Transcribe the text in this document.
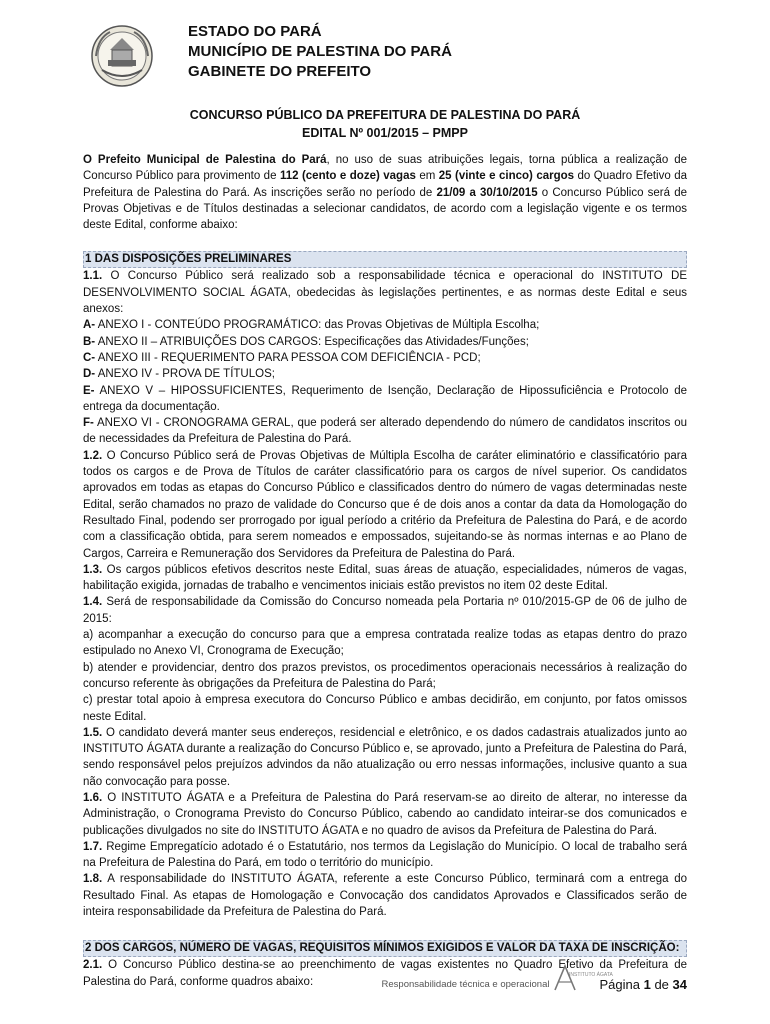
ESTADO DO PARÁ
MUNICÍPIO DE PALESTINA DO PARÁ
GABINETE DO PREFEITO
CONCURSO PÚBLICO DA PREFEITURA DE PALESTINA DO PARÁ
EDITAL Nº 001/2015 – PMPP

O Prefeito Municipal de Palestina do Pará, no uso de suas atribuições legais, torna pública a realização de Concurso Público para provimento de 112 (cento e doze) vagas em 25 (vinte e cinco) cargos do Quadro Efetivo da Prefeitura de Palestina do Pará. As inscrições serão no período de 21/09 a 30/10/2015 o Concurso Público será de Provas Objetivas e de Títulos destinadas a selecionar candidatos, de acordo com a legislação vigente e os termos deste Edital, conforme abaixo:

1 DAS DISPOSIÇÕES PRELIMINARES

1.1. O Concurso Público será realizado sob a responsabilidade técnica e operacional do INSTITUTO DE DESENVOLVIMENTO SOCIAL ÁGATA, obedecidas às legislações pertinentes, e as normas deste Edital e seus anexos:

A- ANEXO I - CONTEÚDO PROGRAMÁTICO: das Provas Objetivas de Múltipla Escolha;

B- ANEXO II – ATRIBUIÇÕES DOS CARGOS: Especificações das Atividades/Funções;

C- ANEXO III - REQUERIMENTO PARA PESSOA COM DEFICIÊNCIA - PCD;

D- ANEXO IV - PROVA DE TÍTULOS;

E- ANEXO V – HIPOSSUFICIENTES, Requerimento de Isenção, Declaração de Hipossuficiência e Protocolo de entrega da documentação.

F- ANEXO VI - CRONOGRAMA GERAL, que poderá ser alterado dependendo do número de candidatos inscritos ou de necessidades da Prefeitura de Palestina do Pará.

1.2. O Concurso Público será de Provas Objetivas de Múltipla Escolha de caráter eliminatório e classificatório para todos os cargos e de Prova de Títulos de caráter classificatório para os cargos de nível superior. Os candidatos aprovados em todas as etapas do Concurso Público e classificados dentro do número de vagas determinadas neste Edital, serão chamados no prazo de validade do Concurso que é de dois anos a contar da data da Homologação do Resultado Final, podendo ser prorrogado por igual período a critério da Prefeitura de Palestina do Pará, e de acordo com a classificação obtida, para serem nomeados e empossados, sujeitando-se às normas internas e ao Plano de Cargos, Carreira e Remuneração dos Servidores da Prefeitura de Palestina do Pará.

1.3. Os cargos públicos efetivos descritos neste Edital, suas áreas de atuação, especialidades, números de vagas, habilitação exigida, jornadas de trabalho e vencimentos iniciais estão previstos no item 02 deste Edital.

1.4. Será de responsabilidade da Comissão do Concurso nomeada pela Portaria nº 010/2015-GP de 06 de julho de 2015:

a) acompanhar a execução do concurso para que a empresa contratada realize todas as etapas dentro do prazo estipulado no Anexo VI, Cronograma de Execução;

b) atender e providenciar, dentro dos prazos previstos, os procedimentos operacionais necessários à realização do concurso referente às obrigações da Prefeitura de Palestina do Pará;

c) prestar total apoio à empresa executora do Concurso Público e ambas decidirão, em conjunto, por fatos omissos neste Edital.

1.5. O candidato deverá manter seus endereços, residencial e eletrônico, e os dados cadastrais atualizados junto ao INSTITUTO ÁGATA durante a realização do Concurso Público e, se aprovado, junto a Prefeitura de Palestina do Pará, sendo responsável pelos prejuízos advindos da não atualização ou erro nessas informações, inclusive quanto a sua não convocação para posse.

1.6. O INSTITUTO ÁGATA e a Prefeitura de Palestina do Pará reservam-se ao direito de alterar, no interesse da Administração, o Cronograma Previsto do Concurso Público, cabendo ao candidato inteirar-se dos comunicados e publicações divulgados no site do INSTITUTO ÁGATA e no quadro de avisos da Prefeitura de Palestina do Pará.

1.7. Regime Empregatício adotado é o Estatutário, nos termos da Legislação do Município. O local de trabalho será na Prefeitura de Palestina do Pará, em todo o território do município.

1.8. A responsabilidade do INSTITUTO ÁGATA, referente a este Concurso Público, terminará com a entrega do Resultado Final. As etapas de Homologação e Convocação dos candidatos Aprovados e Classificados serão de inteira responsabilidade da Prefeitura de Palestina do Pará.

2 DOS CARGOS, NÚMERO DE VAGAS, REQUISITOS MÍNIMOS EXIGIDOS E VALOR DA TAXA DE INSCRIÇÃO:

2.1. O Concurso Público destina-se ao preenchimento de vagas existentes no Quadro Efetivo da Prefeitura de Palestina do Pará, conforme quadros abaixo:	Responsabilidade técnica e operacional
INSTITUTO ÁGATA
Página 1 de 34
